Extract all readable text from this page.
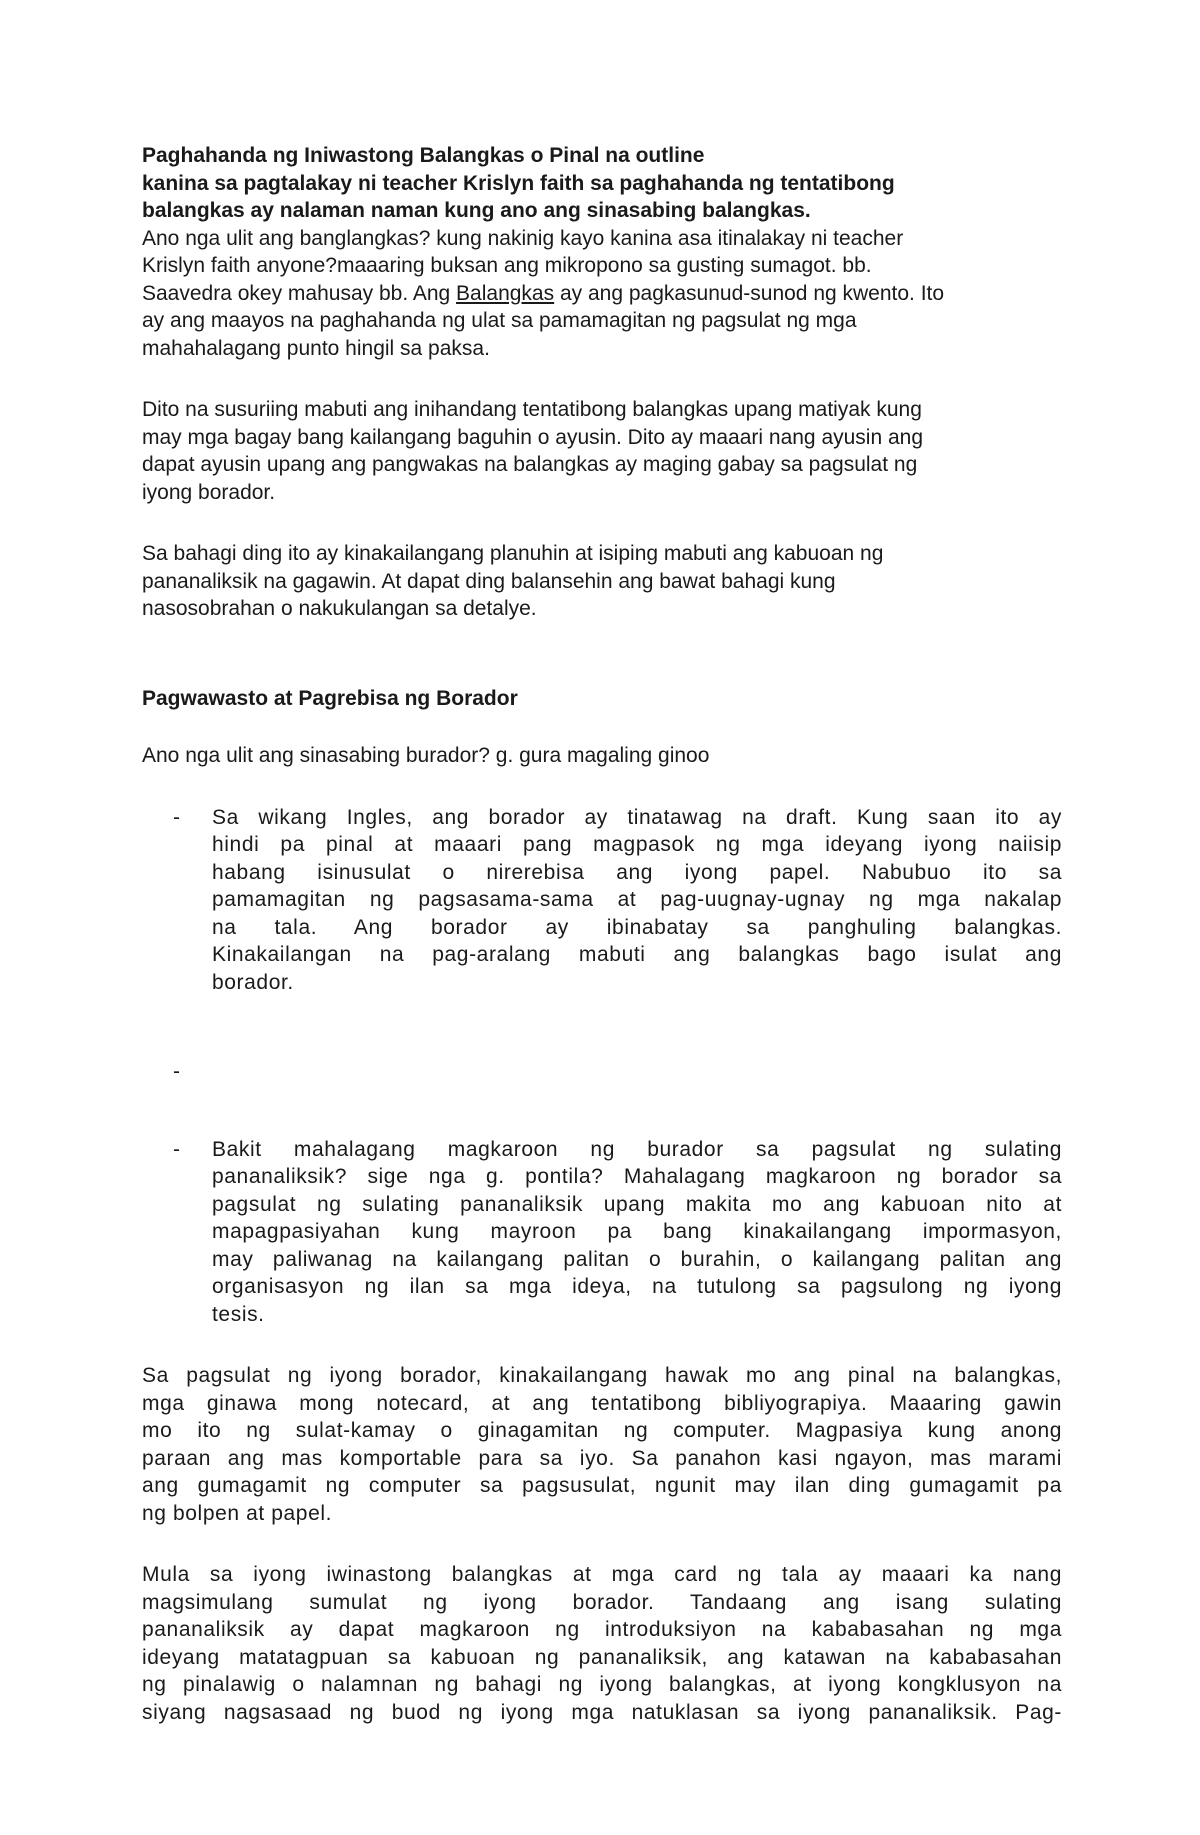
Paghahanda ng Iniwastong Balangkas o Pinal na outline
kanina sa pagtalakay ni teacher Krislyn faith sa paghahanda ng tentatibong
balangkas ay nalaman naman kung ano ang sinasabing balangkas.
Ano nga ulit ang banglangkas? kung nakinig kayo kanina asa itinalakay ni teacher
Krislyn faith anyone?maaaring buksan ang mikropono sa gusting sumagot. bb.
Saavedra okey mahusay bb. Ang Balangkas ay ang pagkasunud-sunod ng kwento. Ito
ay ang maayos na paghahanda ng ulat sa pamamagitan ng pagsulat ng mga
mahahalagang punto hingil sa paksa.
Dito na susuriing mabuti ang inihandang tentatibong balangkas upang matiyak kung
may mga bagay bang kailangang baguhin o ayusin. Dito ay maaari nang ayusin ang
dapat ayusin upang ang pangwakas na balangkas ay maging gabay sa pagsulat ng
iyong borador.
Sa bahagi ding ito ay kinakailangang planuhin at isiping mabuti ang kabuoan ng
pananaliksik na gagawin. At dapat ding balansehin ang bawat bahagi kung
nasosobrahan o nakukulangan sa detalye.
Pagwawasto at Pagrebisa ng Borador
Ano nga ulit ang sinasabing burador? g. gura magaling ginoo
-	Sa wikang Ingles, ang borador ay tinatawag na draft. Kung saan ito ay
hindi pa pinal at maaari pang magpasok ng mga ideyang iyong naiisip
habang isinusulat o nirerebisa ang iyong papel. Nabubuo ito sa
pamamagitan ng pagsasama-sama at pag-uugnay-ugnay ng mga nakalap
na tala. Ang borador ay ibinabatay sa panghuling balangkas.
Kinakailangan na pag-aralang mabuti ang balangkas bago isulat ang
borador.
-

-	Bakit mahalagang magkaroon ng burador sa pagsulat ng sulating
pananaliksik? sige nga g. pontila? Mahalagang magkaroon ng borador sa
pagsulat ng sulating pananaliksik upang makita mo ang kabuoan nito at
mapagpasiyahan kung mayroon pa bang kinakailangang impormasyon,
may paliwanag na kailangang palitan o burahin, o kailangang palitan ang
organisasyon ng ilan sa mga ideya, na tutulong sa pagsulong ng iyong
tesis.
Sa pagsulat ng iyong borador, kinakailangang hawak mo ang pinal na balangkas,
mga ginawa mong notecard, at ang tentatibong bibliyograpiya. Maaaring gawin
mo ito ng sulat-kamay o ginagamitan ng computer. Magpasiya kung anong
paraan ang mas komportable para sa iyo. Sa panahon kasi ngayon, mas marami
ang gumagamit ng computer sa pagsusulat, ngunit may ilan ding gumagamit pa
ng bolpen at papel.
Mula sa iyong iwinastong balangkas at mga card ng tala ay maaari ka nang
magsimulang sumulat ng iyong borador. Tandaang ang isang sulating
pananaliksik ay dapat magkaroon ng introduksiyon na kababasahan ng mga
ideyang matatagpuan sa kabuoan ng pananaliksik, ang katawan na kababasahan
ng pinalawig o nalamnan ng bahagi ng iyong balangkas, at iyong kongklusyon na
siyang nagsasaad ng buod ng iyong mga natuklasan sa iyong pananaliksik. Pag-
